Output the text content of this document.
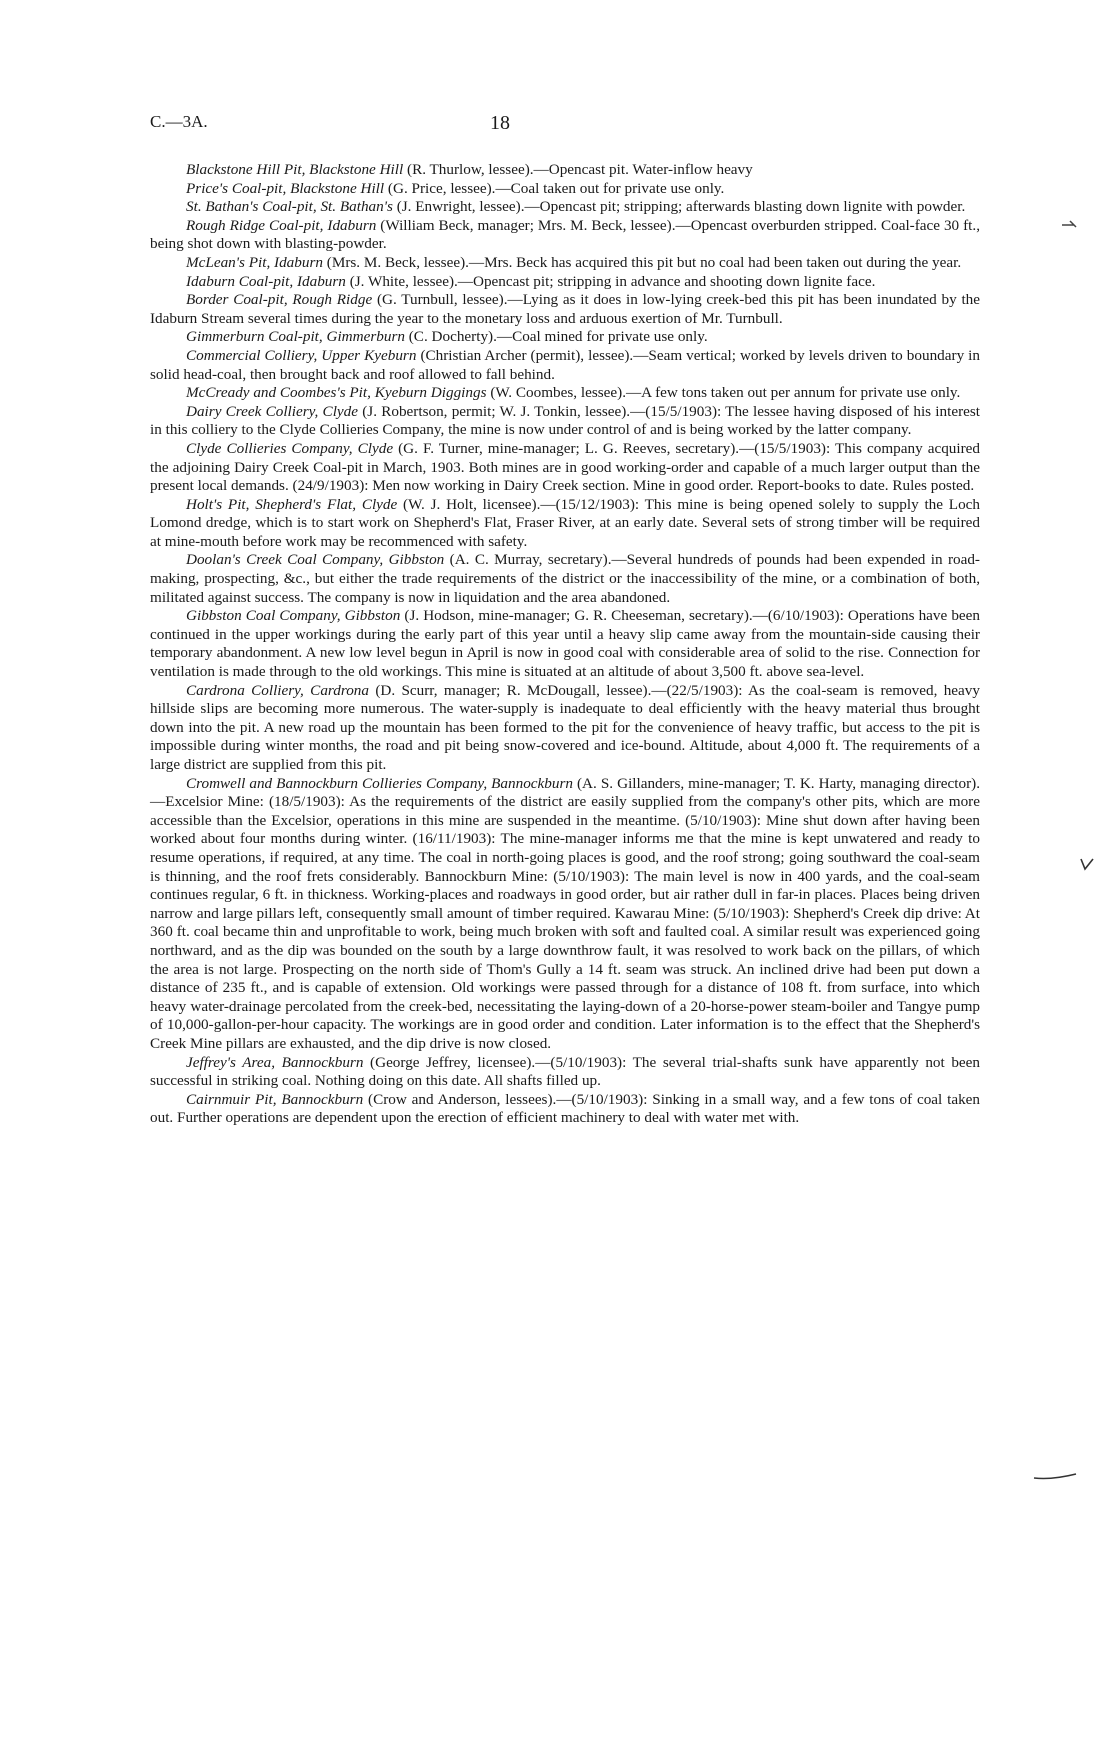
C.—3A.	18

Blackstone Hill Pit, Blackstone Hill (R. Thurlow, lessee).—Opencast pit. Water-inflow heavy

Price's Coal-pit, Blackstone Hill (G. Price, lessee).—Coal taken out for private use only.

St. Bathan's Coal-pit, St. Bathan's (J. Enwright, lessee).—Opencast pit; stripping; afterwards blasting down lignite with powder.

Rough Ridge Coal-pit, Idaburn (William Beck, manager; Mrs. M. Beck, lessee).—Opencast overburden stripped. Coal-face 30 ft., being shot down with blasting-powder.

McLean's Pit, Idaburn (Mrs. M. Beck, lessee).—Mrs. Beck has acquired this pit but no coal had been taken out during the year.

Idaburn Coal-pit, Idaburn (J. White, lessee).—Opencast pit; stripping in advance and shooting down lignite face.

Border Coal-pit, Rough Ridge (G. Turnbull, lessee).—Lying as it does in low-lying creek-bed this pit has been inundated by the Idaburn Stream several times during the year to the monetary loss and arduous exertion of Mr. Turnbull.

Gimmerburn Coal-pit, Gimmerburn (C. Docherty).—Coal mined for private use only.

Commercial Colliery, Upper Kyeburn (Christian Archer (permit), lessee).—Seam vertical; worked by levels driven to boundary in solid head-coal, then brought back and roof allowed to fall behind.

McCready and Coombes's Pit, Kyeburn Diggings (W. Coombes, lessee).—A few tons taken out per annum for private use only.

Dairy Creek Colliery, Clyde (J. Robertson, permit; W. J. Tonkin, lessee).—(15/5/1903): The lessee having disposed of his interest in this colliery to the Clyde Collieries Company, the mine is now under control of and is being worked by the latter company.

Clyde Collieries Company, Clyde (G. F. Turner, mine-manager; L. G. Reeves, secretary).—(15/5/1903): This company acquired the adjoining Dairy Creek Coal-pit in March, 1903. Both mines are in good working-order and capable of a much larger output than the present local demands. (24/9/1903): Men now working in Dairy Creek section. Mine in good order. Report-books to date. Rules posted.

Holt's Pit, Shepherd's Flat, Clyde (W. J. Holt, licensee).—(15/12/1903): This mine is being opened solely to supply the Loch Lomond dredge, which is to start work on Shepherd's Flat, Fraser River, at an early date. Several sets of strong timber will be required at mine-mouth before work may be recommenced with safety.

Doolan's Creek Coal Company, Gibbston (A. C. Murray, secretary).—Several hundreds of pounds had been expended in road-making, prospecting, &c., but either the trade requirements of the district or the inaccessibility of the mine, or a combination of both, militated against success. The company is now in liquidation and the area abandoned.

Gibbston Coal Company, Gibbston (J. Hodson, mine-manager; G. R. Cheeseman, secretary).—(6/10/1903): Operations have been continued in the upper workings during the early part of this year until a heavy slip came away from the mountain-side causing their temporary abandonment. A new low level begun in April is now in good coal with considerable area of solid to the rise. Connection for ventilation is made through to the old workings. This mine is situated at an altitude of about 3,500 ft. above sea-level.

Cardrona Colliery, Cardrona (D. Scurr, manager; R. McDougall, lessee).—(22/5/1903): As the coal-seam is removed, heavy hillside slips are becoming more numerous. The water-supply is inadequate to deal efficiently with the heavy material thus brought down into the pit. A new road up the mountain has been formed to the pit for the convenience of heavy traffic, but access to the pit is impossible during winter months, the road and pit being snow-covered and ice-bound. Altitude, about 4,000 ft. The requirements of a large district are supplied from this pit.

Cromwell and Bannockburn Collieries Company, Bannockburn (A. S. Gillanders, mine-manager; T. K. Harty, managing director).—Excelsior Mine: (18/5/1903): As the requirements of the district are easily supplied from the company's other pits, which are more accessible than the Excelsior, operations in this mine are suspended in the meantime. (5/10/1903): Mine shut down after having been worked about four months during winter. (16/11/1903): The mine-manager informs me that the mine is kept unwatered and ready to resume operations, if required, at any time. The coal in north-going places is good, and the roof strong; going southward the coal-seam is thinning, and the roof frets considerably. Bannockburn Mine: (5/10/1903): The main level is now in 400 yards, and the coal-seam continues regular, 6 ft. in thickness. Working-places and roadways in good order, but air rather dull in far-in places. Places being driven narrow and large pillars left, consequently small amount of timber required. Kawarau Mine: (5/10/1903): Shepherd's Creek dip drive: At 360 ft. coal became thin and unprofitable to work, being much broken with soft and faulted coal. A similar result was experienced going northward, and as the dip was bounded on the south by a large downthrow fault, it was resolved to work back on the pillars, of which the area is not large. Prospecting on the north side of Thom's Gully a 14 ft. seam was struck. An inclined drive had been put down a distance of 235 ft., and is capable of extension. Old workings were passed through for a distance of 108 ft. from surface, into which heavy water-drainage percolated from the creek-bed, necessitating the laying-down of a 20-horse-power steam-boiler and Tangye pump of 10,000-gallon-per-hour capacity. The workings are in good order and condition. Later information is to the effect that the Shepherd's Creek Mine pillars are exhausted, and the dip drive is now closed.

Jeffrey's Area, Bannockburn (George Jeffrey, licensee).—(5/10/1903): The several trial-shafts sunk have apparently not been successful in striking coal. Nothing doing on this date. All shafts filled up.

Cairnmuir Pit, Bannockburn (Crow and Anderson, lessees).—(5/10/1903): Sinking in a small way, and a few tons of coal taken out. Further operations are dependent upon the erection of efficient machinery to deal with water met with.
